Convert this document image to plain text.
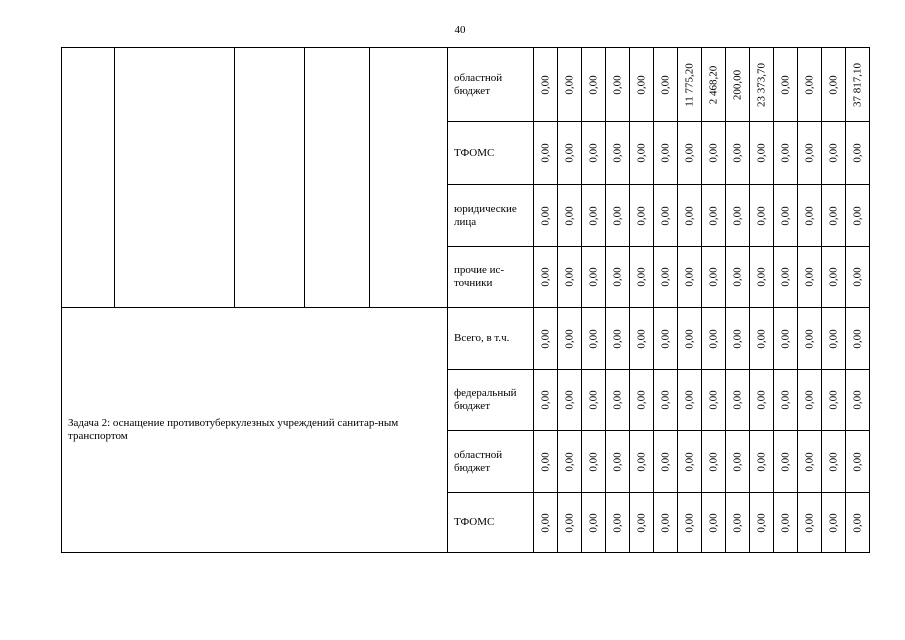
40
					областной бюджет	0,00	0,00	0,00	0,00	0,00	0,00	11 775,20	2 468,20	200,00	23 373,70	0,00	0,00	0,00	37 817,10

					ТФОМС	0,00	0,00	0,00	0,00	0,00	0,00	0,00	0,00	0,00	0,00	0,00	0,00	0,00	0,00

					юридические лица	0,00	0,00	0,00	0,00	0,00	0,00	0,00	0,00	0,00	0,00	0,00	0,00	0,00	0,00

					прочие ис-точники	0,00	0,00	0,00	0,00	0,00	0,00	0,00	0,00	0,00	0,00	0,00	0,00	0,00	0,00

Задача 2: оснащение противотуберкулезных учреждений санитар-ным транспортом					Всего, в т.ч.	0,00	0,00	0,00	0,00	0,00	0,00	0,00	0,00	0,00	0,00	0,00	0,00	0,00	0,00

					федеральный бюджет	0,00	0,00	0,00	0,00	0,00	0,00	0,00	0,00	0,00	0,00	0,00	0,00	0,00	0,00

					областной бюджет	0,00	0,00	0,00	0,00	0,00	0,00	0,00	0,00	0,00	0,00	0,00	0,00	0,00	0,00

					ТФОМС	0,00	0,00	0,00	0,00	0,00	0,00	0,00	0,00	0,00	0,00	0,00	0,00	0,00	0,00
